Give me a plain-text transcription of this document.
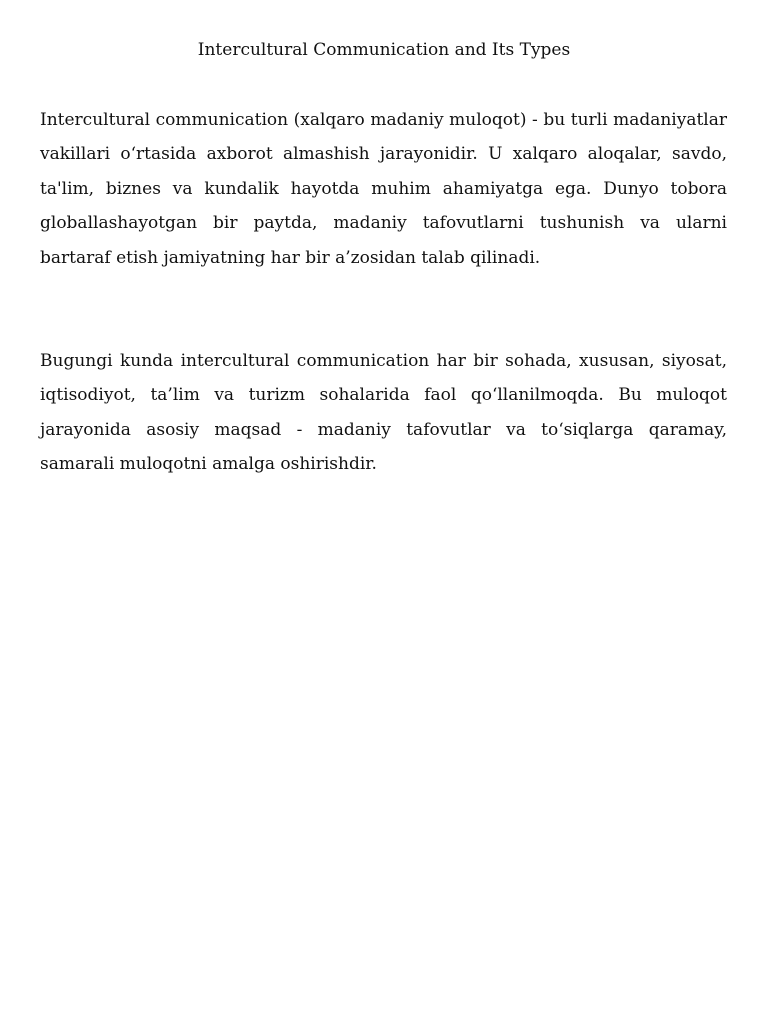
Intercultural Communication and Its Types

Intercultural communication (xalqaro madaniy muloqot) - bu turli madaniyatlar vakillari o‘rtasida axborot almashish jarayonidir. U xalqaro aloqalar, savdo, ta'lim, biznes va kundalik hayotda muhim ahamiyatga ega. Dunyo tobora globallashayotgan bir paytda, madaniy tafovutlarni tushunish va ularni bartaraf etish jamiyatning har bir a’zosidan talab qilinadi.

Bugungi kunda intercultural communication har bir sohada, xususan, siyosat, iqtisodiyot, ta’lim va turizm sohalarida faol qo‘llanilmoqda. Bu muloqot jarayonida asosiy maqsad - madaniy tafovutlar va to‘siqlarga qaramay, samarali muloqotni amalga oshirishdir.
